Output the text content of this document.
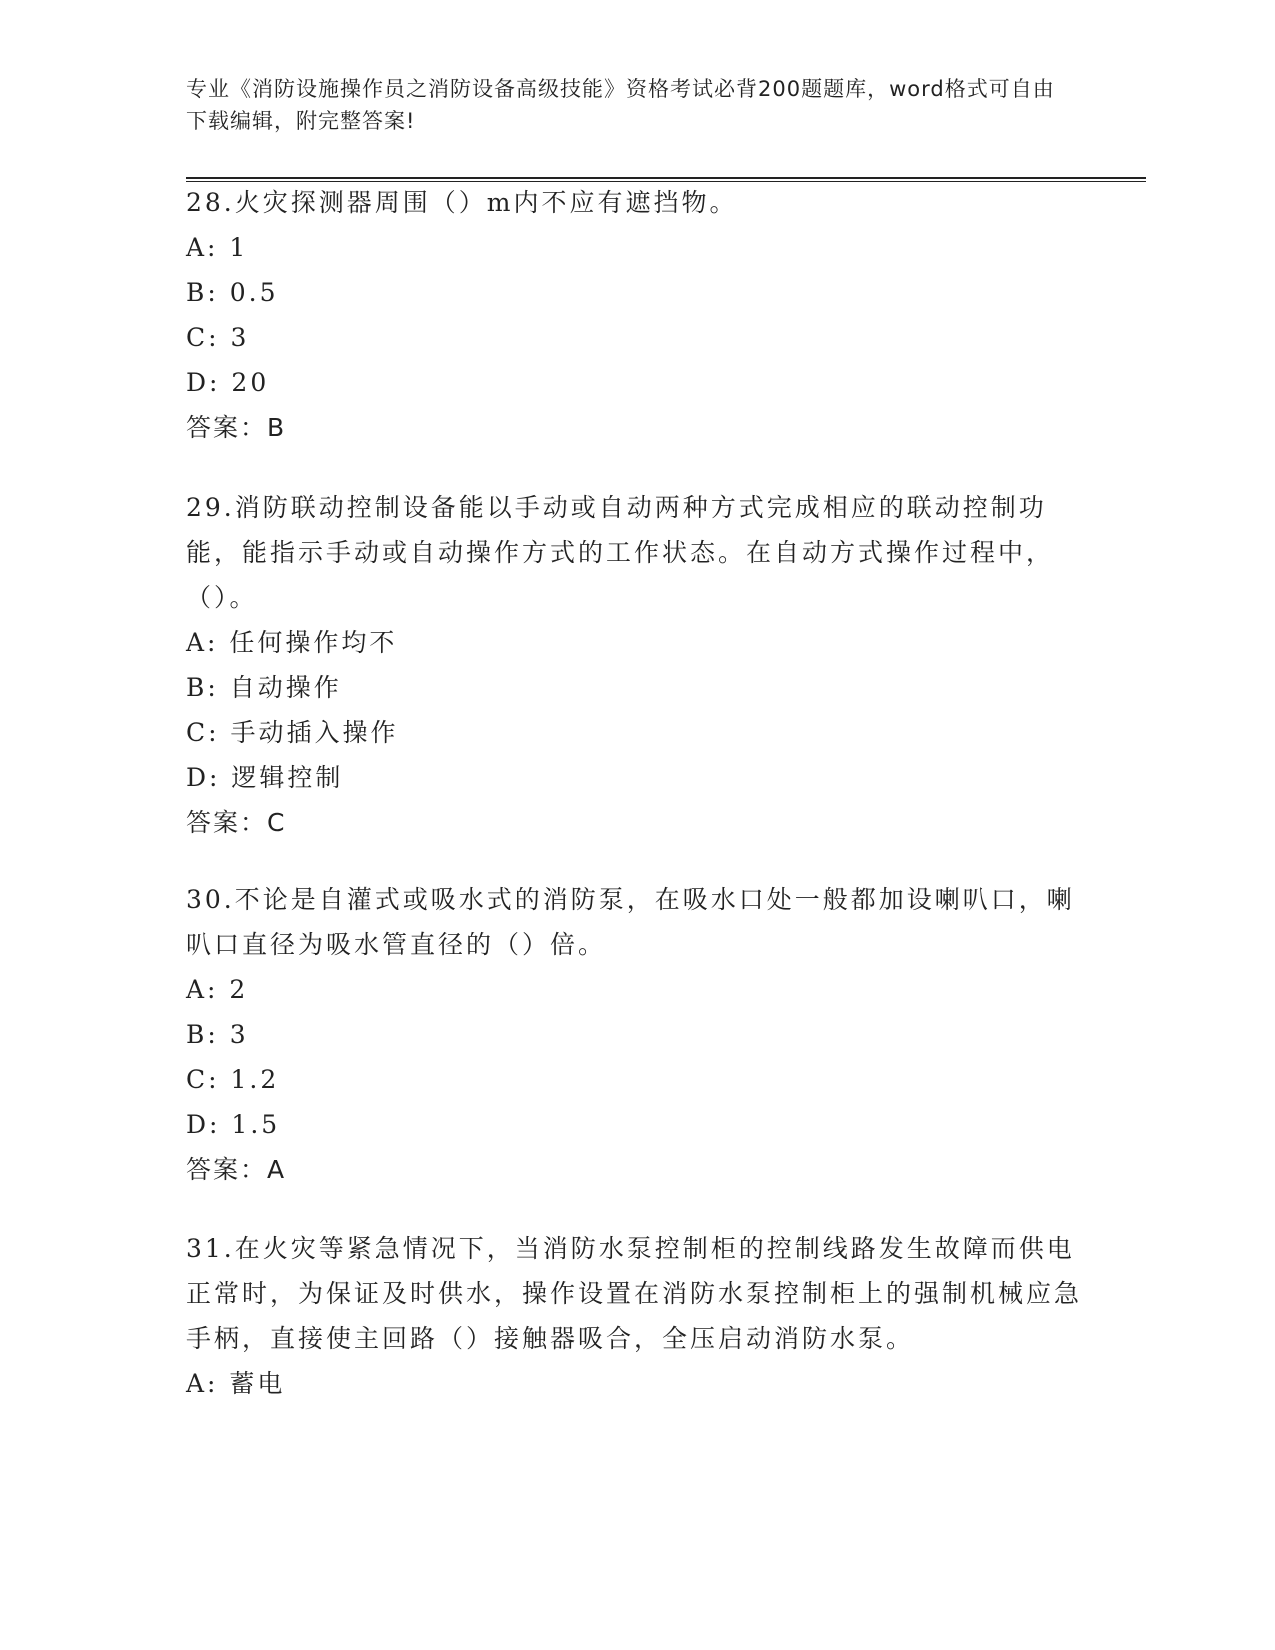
专业《消防设施操作员之消防设备高级技能》资格考试必背200题题库，word格式可自由下载编辑，附完整答案!
28.火灾探测器周围（）m内不应有遮挡物。
A: 1
B: 0.5
C: 3
D: 20
答案：B
29.消防联动控制设备能以手动或自动两种方式完成相应的联动控制功能，能指示手动或自动操作方式的工作状态。在自动方式操作过程中，（）。
A: 任何操作均不
B: 自动操作
C: 手动插入操作
D: 逻辑控制
答案：C
30.不论是自灌式或吸水式的消防泵，在吸水口处一般都加设喇叭口，喇叭口直径为吸水管直径的（）倍。
A: 2
B: 3
C: 1.2
D: 1.5
答案：A
31.在火灾等紧急情况下，当消防水泵控制柜的控制线路发生故障而供电正常时，为保证及时供水，操作设置在消防水泵控制柜上的强制机械应急手柄，直接使主回路（）接触器吸合，全压启动消防水泵。
A: 蓄电
